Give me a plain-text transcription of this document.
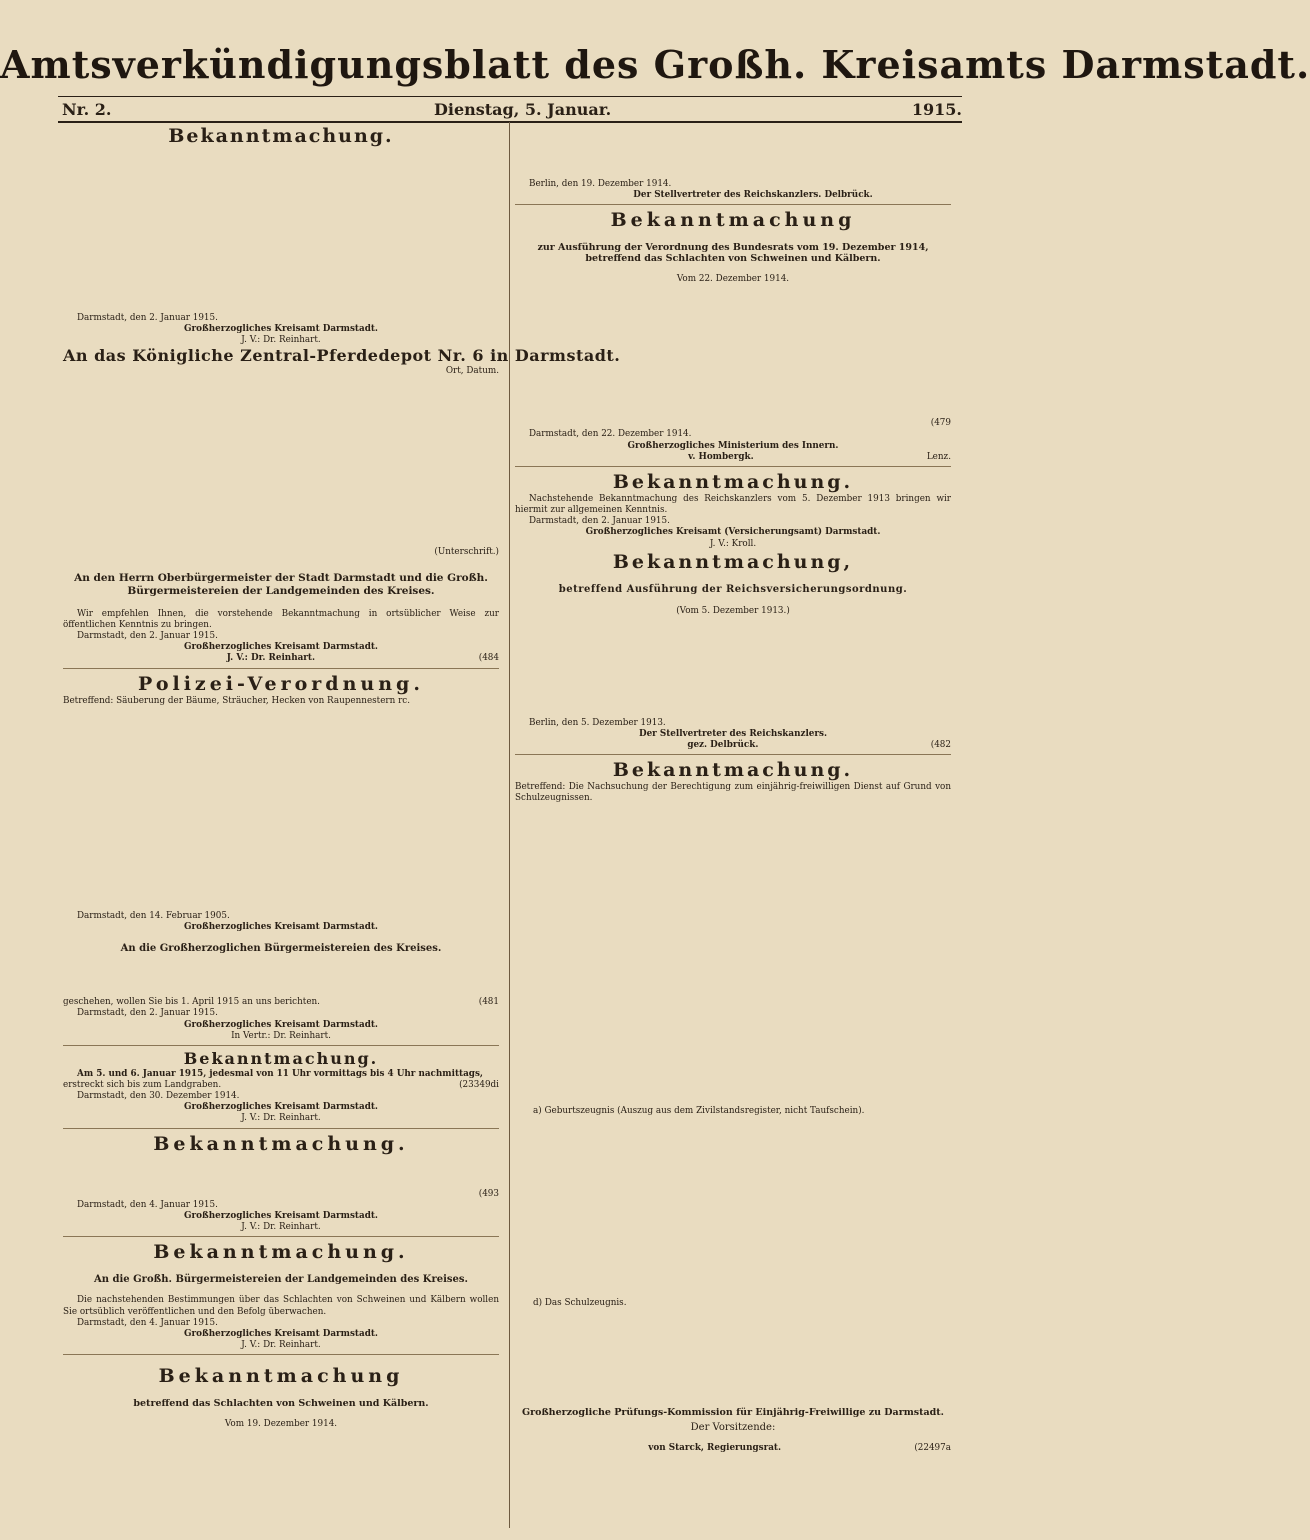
Amtsverkündigungsblatt des Großh. Kreisamts Darmstadt.
Nr. 2.	Dienstag, 5. Januar.	1915.

Bekanntmachung.

Darmstadt, den 2. Januar 1915.

Großherzogliches Kreisamt Darmstadt.

J. V.: Dr. Reinhart.

An das Königliche Zentral-Pferdedepot Nr. 6 in Darmstadt.

Ort, Datum.

(Unterschrift.)

An den Herrn Oberbürgermeister der Stadt Darmstadt und die Großh. Bürgermeistereien der Landgemeinden des Kreises.

Wir empfehlen Ihnen, die vorstehende Bekanntmachung in ortsüblicher Weise zur öffentlichen Kenntnis zu bringen.

Darmstadt, den 2. Januar 1915.

Großherzogliches Kreisamt Darmstadt.

J. V.: Dr. Reinhart.	(484

Polizei-Verordnung.

Betreffend: Säuberung der Bäume, Sträucher, Hecken von Raupennestern rc.

Darmstadt, den 14. Februar 1905.

Großherzogliches Kreisamt Darmstadt.

An die Großherzoglichen Bürgermeistereien des Kreises.

geschehen, wollen Sie bis 1. April 1915 an uns berichten.	(481

Darmstadt, den 2. Januar 1915.

Großherzogliches Kreisamt Darmstadt.

In Vertr.: Dr. Reinhart.

Bekanntmachung.

Am 5. und 6. Januar 1915, jedesmal von 11 Uhr vormittags bis 4 Uhr nachmittags,

erstreckt sich bis zum Landgraben.	(23349di

Darmstadt, den 30. Dezember 1914.

Großherzogliches Kreisamt Darmstadt.

J. V.: Dr. Reinhart.

Bekanntmachung.

(493

Darmstadt, den 4. Januar 1915.

Großherzogliches Kreisamt Darmstadt.

J. V.: Dr. Reinhart.

Bekanntmachung.

An die Großh. Bürgermeistereien der Landgemeinden des Kreises.

Die nachstehenden Bestimmungen über das Schlachten von Schweinen und Kälbern wollen Sie ortsüblich veröffentlichen und den Befolg überwachen.

Darmstadt, den 4. Januar 1915.

Großherzogliches Kreisamt Darmstadt.

J. V.: Dr. Reinhart.

Bekanntmachung

betreffend das Schlachten von Schweinen und Kälbern.

Vom 19. Dezember 1914.

Berlin, den 19. Dezember 1914.

Der Stellvertreter des Reichskanzlers. Delbrück.

Bekanntmachung

zur Ausführung der Verordnung des Bundesrats vom 19. Dezember 1914, betreffend das Schlachten von Schweinen und Kälbern.

Vom 22. Dezember 1914.

(479

Darmstadt, den 22. Dezember 1914.

Großherzogliches Ministerium des Innern.

v. Hombergk.	Lenz.

Bekanntmachung.

Nachstehende Bekanntmachung des Reichskanzlers vom 5. Dezember 1913 bringen wir hiermit zur allgemeinen Kenntnis.

Darmstadt, den 2. Januar 1915.

Großherzogliches Kreisamt (Versicherungsamt) Darmstadt.

J. V.: Kroll.

Bekanntmachung,

betreffend Ausführung der Reichsversicherungsordnung.

(Vom 5. Dezember 1913.)

Berlin, den 5. Dezember 1913.

Der Stellvertreter des Reichskanzlers.

gez. Delbrück.	(482

Bekanntmachung.

Betreffend: Die Nachsuchung der Berechtigung zum einjährig-freiwilligen Dienst auf Grund von Schulzeugnissen.

a) Geburtszeugnis (Auszug aus dem Zivilstandsregister, nicht Taufschein).

d) Das Schulzeugnis.

Großherzogliche Prüfungs-Kommission für Einjährig-Freiwillige zu Darmstadt.

Der Vorsitzende:

von Starck, Regierungsrat.	(22497a
